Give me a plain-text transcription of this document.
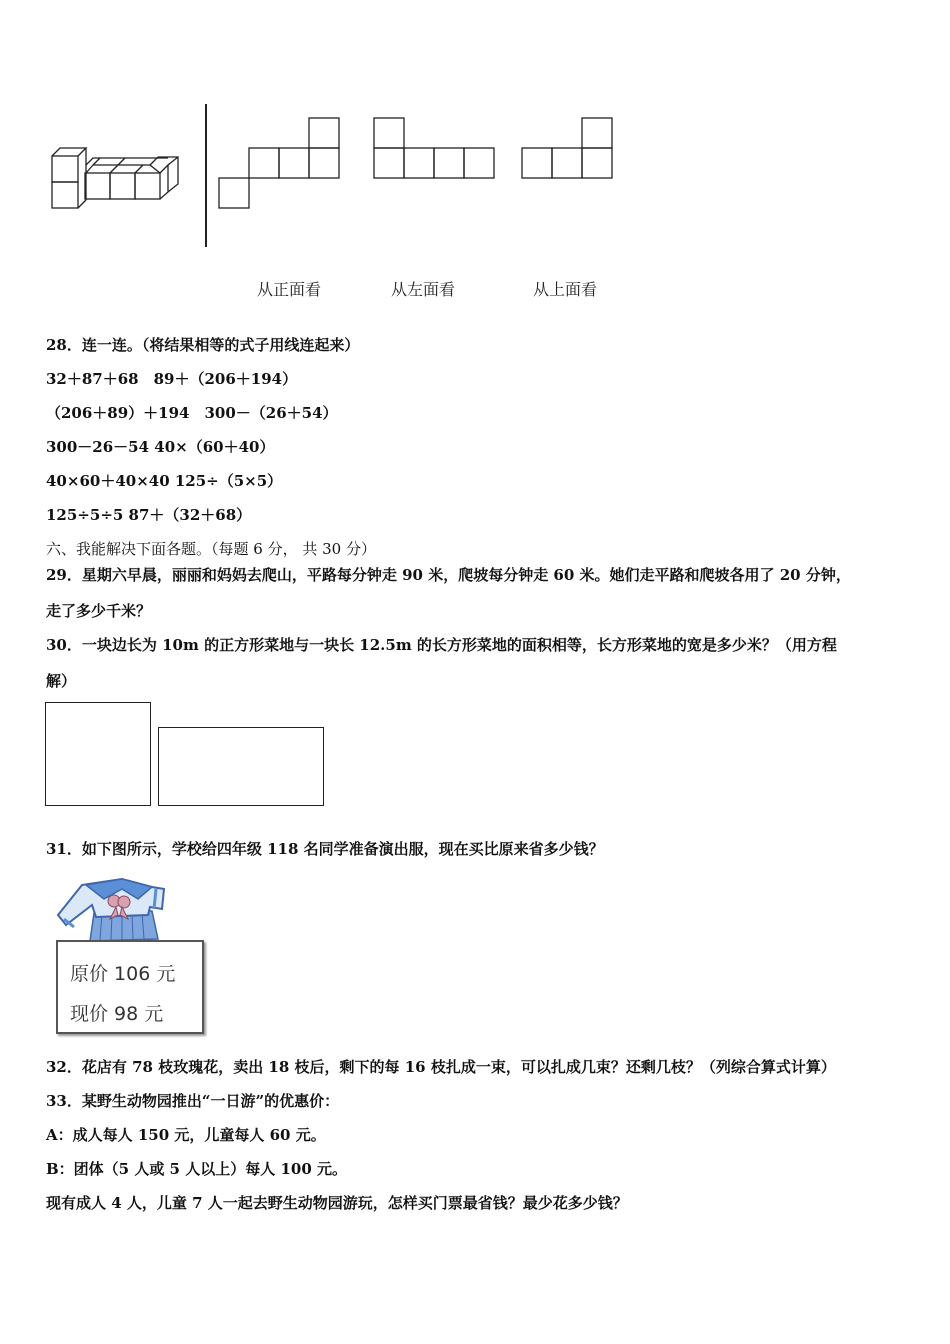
从正面看	从左面看	从上面看
28．连一连。（将结果相等的式子用线连起来）
32＋87＋68　89＋（206＋194）
（206＋89）＋194　300－（26＋54）
300－26－54 40×（60＋40）
40×60＋40×40 125÷（5×5）
125÷5÷5 87＋（32＋68）
六、我能解决下面各题。（每题 6 分， 共 30 分）
29．星期六早晨，丽丽和妈妈去爬山，平路每分钟走 90 米，爬坡每分钟走 60 米。她们走平路和爬坡各用了 20 分钟，
走了多少千米？
30．一块边长为 10m 的正方形菜地与一块长 12.5m 的长方形菜地的面积相等，长方形菜地的宽是多少米？（用方程
解）
31．如下图所示，学校给四年级 118 名同学准备演出服，现在买比原来省多少钱？
原价 106 元
现价 98 元
32．花店有 78 枝玫瑰花，卖出 18 枝后，剩下的每 16 枝扎成一束，可以扎成几束？还剩几枝？（列综合算式计算）
33．某野生动物园推出“一日游”的优惠价：
A：成人每人 150 元，儿童每人 60 元。
B：团体（5 人或 5 人以上）每人 100 元。
现有成人 4 人，儿童 7 人一起去野生动物园游玩，怎样买门票最省钱？最少花多少钱？
